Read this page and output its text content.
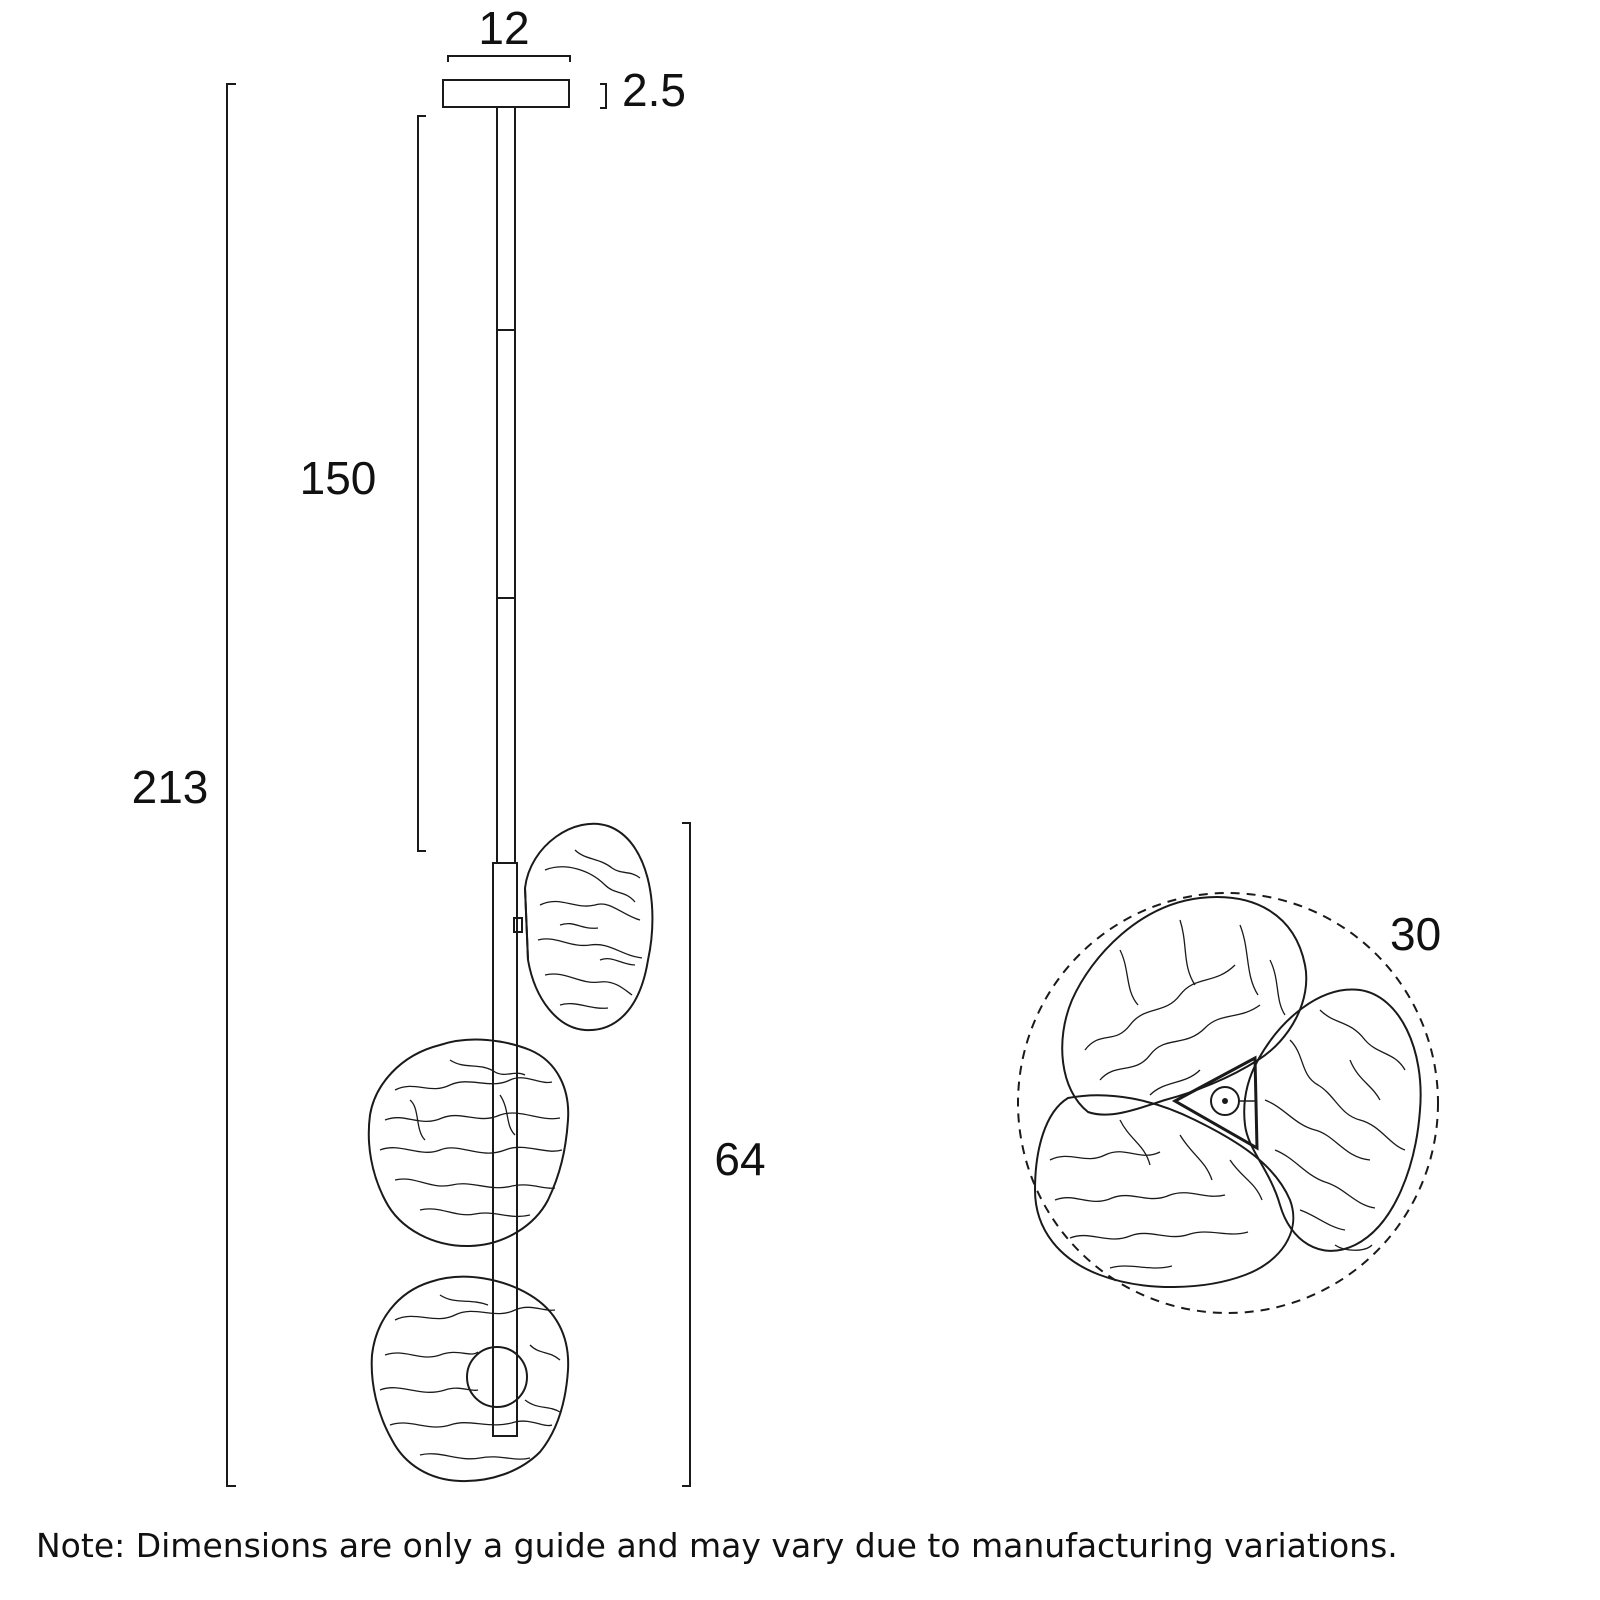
12
2.5
150
213
64
30
Note: Dimensions are only a guide and may vary due to manufacturing variations.
